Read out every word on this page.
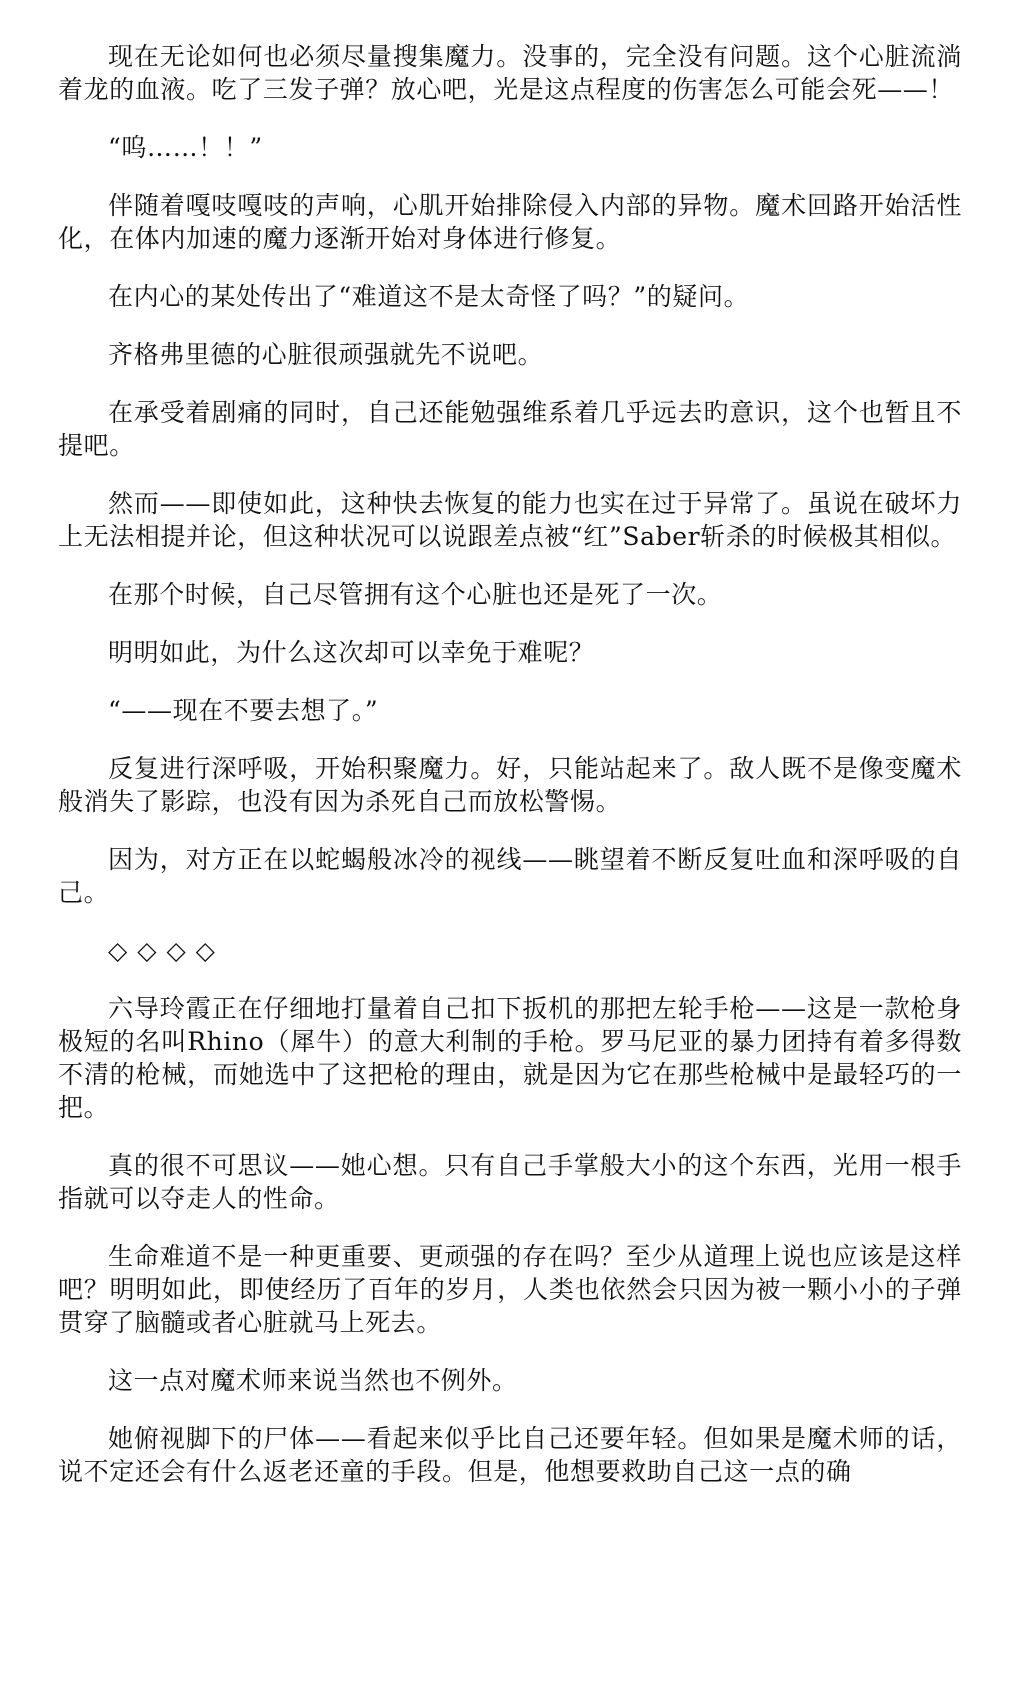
现在无论如何也必须尽量搜集魔力。没事的，完全没有问题。这个心脏流淌着龙的血液。吃了三发子弹？放心吧，光是这点程度的伤害怎么可能会死——！

“呜……！！”

伴随着嘎吱嘎吱的声响，心肌开始排除侵入内部的异物。魔术回路开始活性化，在体内加速的魔力逐渐开始对身体进行修复。

在内心的某处传出了“难道这不是太奇怪了吗？”的疑问。

齐格弗里德的心脏很顽强就先不说吧。

在承受着剧痛的同时，自己还能勉强维系着几乎远去旳意识，这个也暂且不提吧。

然而——即使如此，这种快去恢复的能力也实在过于异常了。虽说在破坏力上无法相提并论，但这种状况可以说跟差点被“红”Saber斩杀的时候极其相似。

在那个时候，自己尽管拥有这个心脏也还是死了一次。

明明如此，为什么这次却可以幸免于难呢？

“——现在不要去想了。”

反复进行深呼吸，开始积聚魔力。好，只能站起来了。敌人既不是像变魔术般消失了影踪，也没有因为杀死自己而放松警惕。

因为，对方正在以蛇蝎般冰冷的视线——眺望着不断反复吐血和深呼吸的自己。

◇◇◇◇

六导玲霞正在仔细地打量着自己扣下扳机的那把左轮手枪——这是一款枪身极短的名叫Rhino（犀牛）的意大利制的手枪。罗马尼亚的暴力团持有着多得数不清的枪械，而她选中了这把枪的理由，就是因为它在那些枪械中是最轻巧的一把。

真的很不可思议——她心想。只有自己手掌般大小的这个东西，光用一根手指就可以夺走人的性命。

生命难道不是一种更重要、更顽强的存在吗？至少从道理上说也应该是这样吧？明明如此，即使经历了百年的岁月，人类也依然会只因为被一颗小小的子弹贯穿了脑髓或者心脏就马上死去。

这一点对魔术师来说当然也不例外。

她俯视脚下的尸体——看起来似乎比自己还要年轻。但如果是魔术师的话，说不定还会有什么返老还童的手段。但是，他想要救助自己这一点的确
